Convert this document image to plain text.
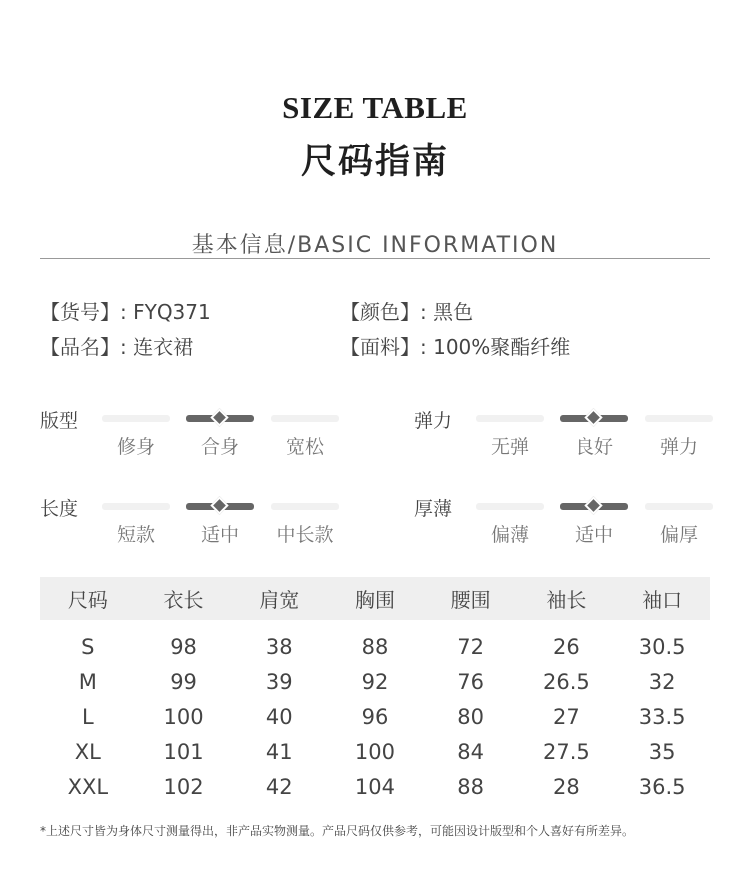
SIZE TABLE
尺码指南
基本信息/BASIC INFORMATION
【货号】: FYQ371	【颜色】: 黑色
【品名】: 连衣裙	【面料】: 100%聚酯纤维
版型
修身	合身	宽松
弹力
无弹	良好	弹力
长度
短款	适中	中长款
厚薄
偏薄	适中	偏厚
尺码	衣长	肩宽	胸围	腰围	袖长	袖口
S	98	38	88	72	26	30.5
M	99	39	92	76	26.5	32
L	100	40	96	80	27	33.5
XL	101	41	100	84	27.5	35
XXL	102	42	104	88	28	36.5
*上述尺寸皆为身体尺寸测量得出，非产品实物测量。产品尺码仅供参考，可能因设计版型和个人喜好有所差异。
